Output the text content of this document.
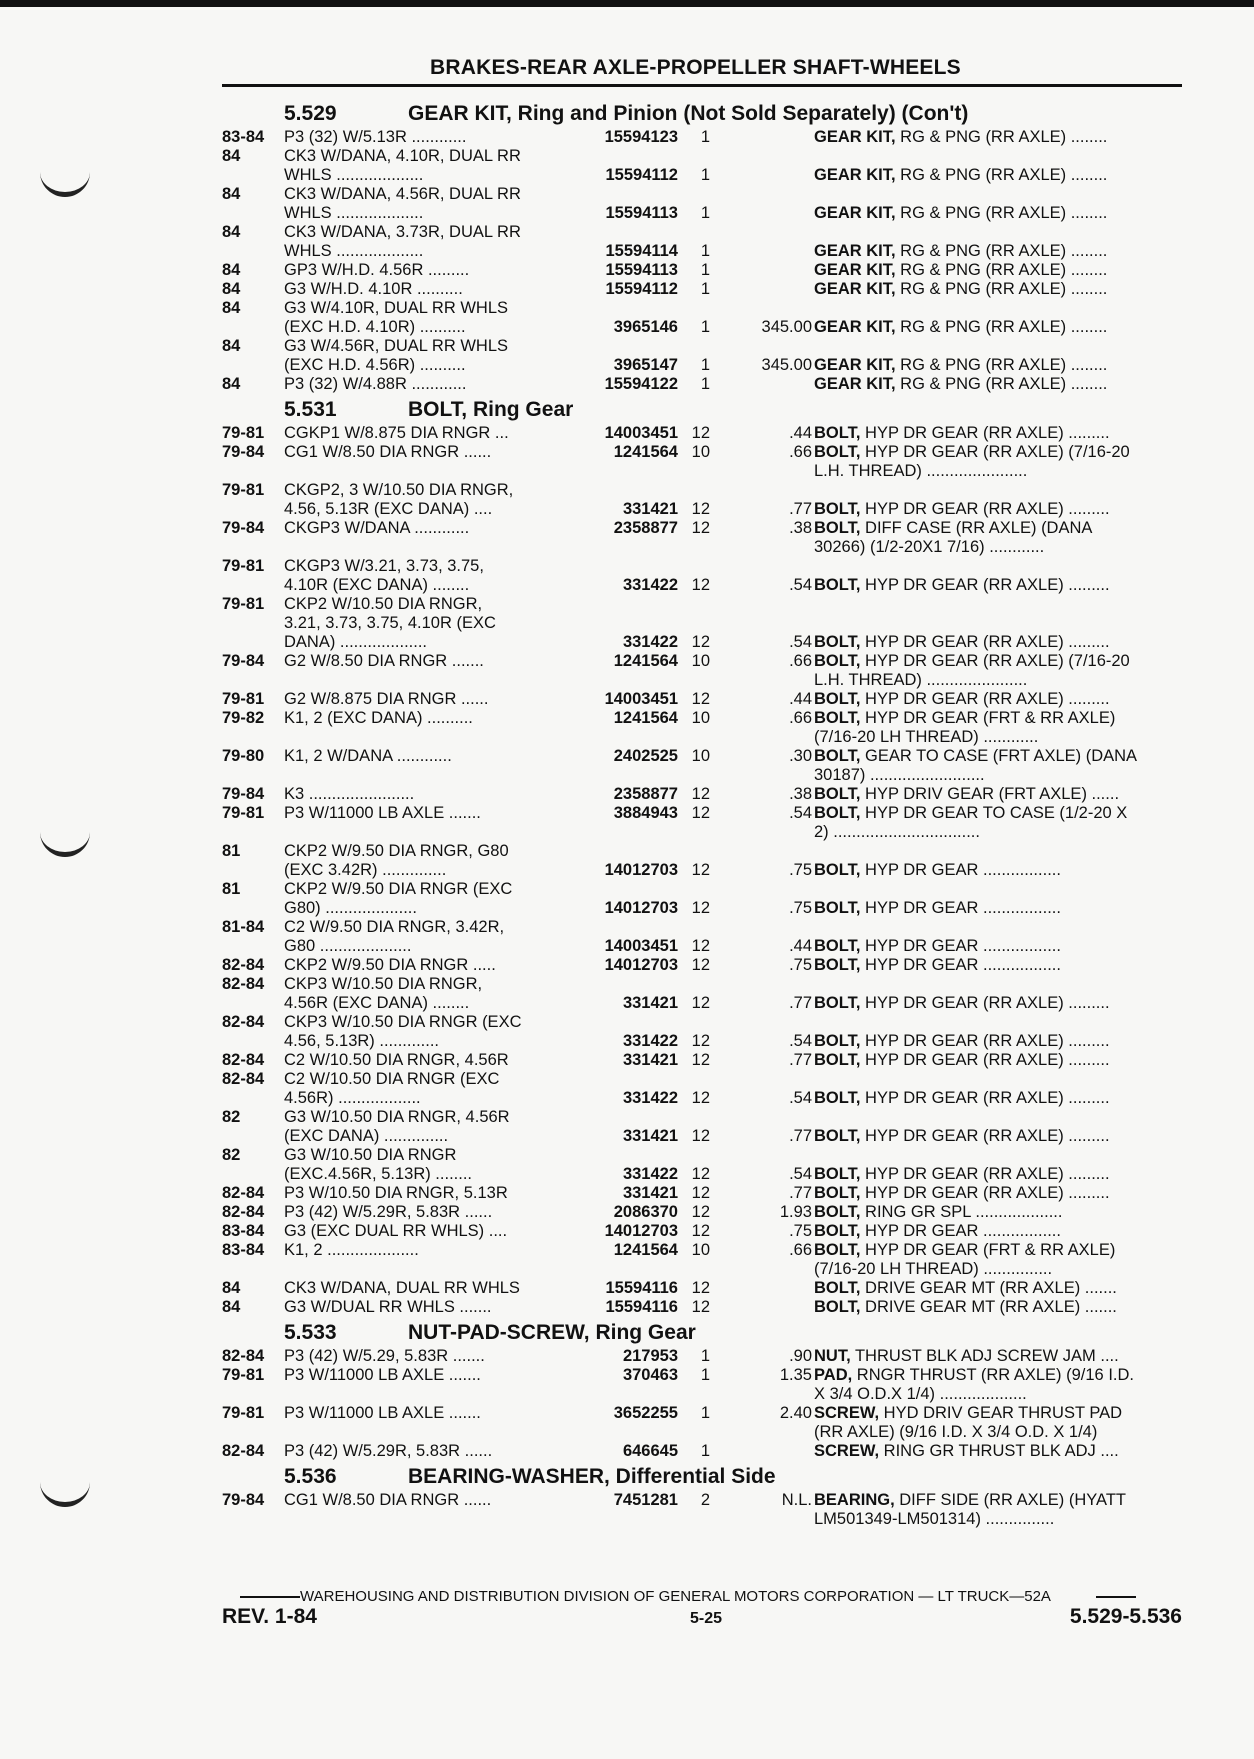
BRAKES-REAR AXLE-PROPELLER SHAFT-WHEELS
5.529	GEAR KIT, Ring and Pinion (Not Sold Separately) (Con't)
83-84	P3 (32) W/5.13R ............	15594123	1	GEAR KIT, RG & PNG (RR AXLE) ........
84	CK3 W/DANA, 4.10R, DUAL RR
WHLS ...................	15594112	1	GEAR KIT, RG & PNG (RR AXLE) ........
84	CK3 W/DANA, 4.56R, DUAL RR
WHLS ...................	15594113	1	GEAR KIT, RG & PNG (RR AXLE) ........
84	CK3 W/DANA, 3.73R, DUAL RR
WHLS ...................	15594114	1	GEAR KIT, RG & PNG (RR AXLE) ........
84	GP3 W/H.D. 4.56R .........	15594113	1	GEAR KIT, RG & PNG (RR AXLE) ........
84	G3 W/H.D. 4.10R ..........	15594112	1	GEAR KIT, RG & PNG (RR AXLE) ........
84	G3 W/4.10R, DUAL RR WHLS
(EXC H.D. 4.10R) ..........	3965146	1	345.00 GEAR KIT, RG & PNG (RR AXLE) ........
84	G3 W/4.56R, DUAL RR WHLS
(EXC H.D. 4.56R) ..........	3965147	1	345.00 GEAR KIT, RG & PNG (RR AXLE) ........
84	P3 (32) W/4.88R ............	15594122	1	GEAR KIT, RG & PNG (RR AXLE) ........
5.531	BOLT, Ring Gear
79-81	CGKP1 W/8.875 DIA RNGR ...	14003451 12	.44 BOLT, HYP DR GEAR (RR AXLE) .........
79-84	CG1 W/8.50 DIA RNGR ......	1241564 10	.66 BOLT, HYP DR GEAR (RR AXLE) (7/16-20
L.H. THREAD) ......................
79-81	CKGP2, 3 W/10.50 DIA RNGR,
4.56, 5.13R (EXC DANA) ....	331421 12	.77 BOLT, HYP DR GEAR (RR AXLE) .........
79-84	CKGP3 W/DANA ............	2358877 12	.38 BOLT, DIFF CASE (RR AXLE) (DANA
30266) (1/2-20X1 7/16) ............
79-81	CKGP3 W/3.21, 3.73, 3.75,
4.10R (EXC DANA) ........	331422 12	.54 BOLT, HYP DR GEAR (RR AXLE) .........
79-81	CKP2 W/10.50 DIA RNGR,
3.21, 3.73, 3.75, 4.10R (EXC
DANA) ...................	331422 12	.54 BOLT, HYP DR GEAR (RR AXLE) .........
79-84	G2 W/8.50 DIA RNGR .......	1241564 10	.66 BOLT, HYP DR GEAR (RR AXLE) (7/16-20
L.H. THREAD) ......................
79-81	G2 W/8.875 DIA RNGR ......	14003451 12	.44 BOLT, HYP DR GEAR (RR AXLE) .........
79-82	K1, 2 (EXC DANA) ..........	1241564 10	.66 BOLT, HYP DR GEAR (FRT & RR AXLE)
(7/16-20 LH THREAD) ............
79-80	K1, 2 W/DANA ............	2402525 10	.30 BOLT, GEAR TO CASE (FRT AXLE) (DANA
30187) .........................
79-84	K3 .......................	2358877 12	.38 BOLT, HYP DRIV GEAR (FRT AXLE) ......
79-81	P3 W/11000 LB AXLE .......	3884943 12	.54 BOLT, HYP DR GEAR TO CASE (1/2-20 X
2) ................................
81	CKP2 W/9.50 DIA RNGR, G80
(EXC 3.42R) ..............	14012703 12	.75 BOLT, HYP DR GEAR .................
81	CKP2 W/9.50 DIA RNGR (EXC
G80) ....................	14012703 12	.75 BOLT, HYP DR GEAR .................
81-84	C2 W/9.50 DIA RNGR, 3.42R,
G80 ....................	14003451 12	.44 BOLT, HYP DR GEAR .................
82-84	CKP2 W/9.50 DIA RNGR .....	14012703 12	.75 BOLT, HYP DR GEAR .................
82-84	CKP3 W/10.50 DIA RNGR,
4.56R (EXC DANA) ........	331421 12	.77 BOLT, HYP DR GEAR (RR AXLE) .........
82-84	CKP3 W/10.50 DIA RNGR (EXC
4.56, 5.13R) .............	331422 12	.54 BOLT, HYP DR GEAR (RR AXLE) .........
82-84	C2 W/10.50 DIA RNGR, 4.56R	331421 12	.77 BOLT, HYP DR GEAR (RR AXLE) .........
82-84	C2 W/10.50 DIA RNGR (EXC
4.56R) ..................	331422 12	.54 BOLT, HYP DR GEAR (RR AXLE) .........
82	G3 W/10.50 DIA RNGR, 4.56R
(EXC DANA) ..............	331421 12	.77 BOLT, HYP DR GEAR (RR AXLE) .........
82	G3 W/10.50 DIA RNGR
(EXC.4.56R, 5.13R) ........	331422 12	.54 BOLT, HYP DR GEAR (RR AXLE) .........
82-84	P3 W/10.50 DIA RNGR, 5.13R	331421 12	.77 BOLT, HYP DR GEAR (RR AXLE) .........
82-84	P3 (42) W/5.29R, 5.83R ......	2086370 12	1.93 BOLT, RING GR SPL ...................
83-84	G3 (EXC DUAL RR WHLS) ....	14012703 12	.75 BOLT, HYP DR GEAR .................
83-84	K1, 2 ....................	1241564 10	.66 BOLT, HYP DR GEAR (FRT & RR AXLE)
(7/16-20 LH THREAD) ...............
84	CK3 W/DANA, DUAL RR WHLS	15594116 12	BOLT, DRIVE GEAR MT (RR AXLE) .......
84	G3 W/DUAL RR WHLS .......	15594116 12	BOLT, DRIVE GEAR MT (RR AXLE) .......
5.533	NUT-PAD-SCREW, Ring Gear
82-84	P3 (42) W/5.29, 5.83R .......	217953	1	.90 NUT, THRUST BLK ADJ SCREW JAM ....
79-81	P3 W/11000 LB AXLE .......	370463	1	1.35 PAD, RNGR THRUST (RR AXLE) (9/16 I.D.
X 3/4 O.D.X 1/4) ...................
79-81	P3 W/11000 LB AXLE .......	3652255	1	2.40 SCREW, HYD DRIV GEAR THRUST PAD
(RR AXLE) (9/16 I.D. X 3/4 O.D. X 1/4)
82-84	P3 (42) W/5.29R, 5.83R ......	646645	1	SCREW, RING GR THRUST BLK ADJ ....
5.536	BEARING-WASHER, Differential Side
79-84	CG1 W/8.50 DIA RNGR ......	7451281	2	N.L. BEARING, DIFF SIDE (RR AXLE) (HYATT
LM501349-LM501314) ...............
WAREHOUSING AND DISTRIBUTION DIVISION OF GENERAL MOTORS CORPORATION — LT TRUCK—52A
REV. 1-84	5-25	5.529-5.536
